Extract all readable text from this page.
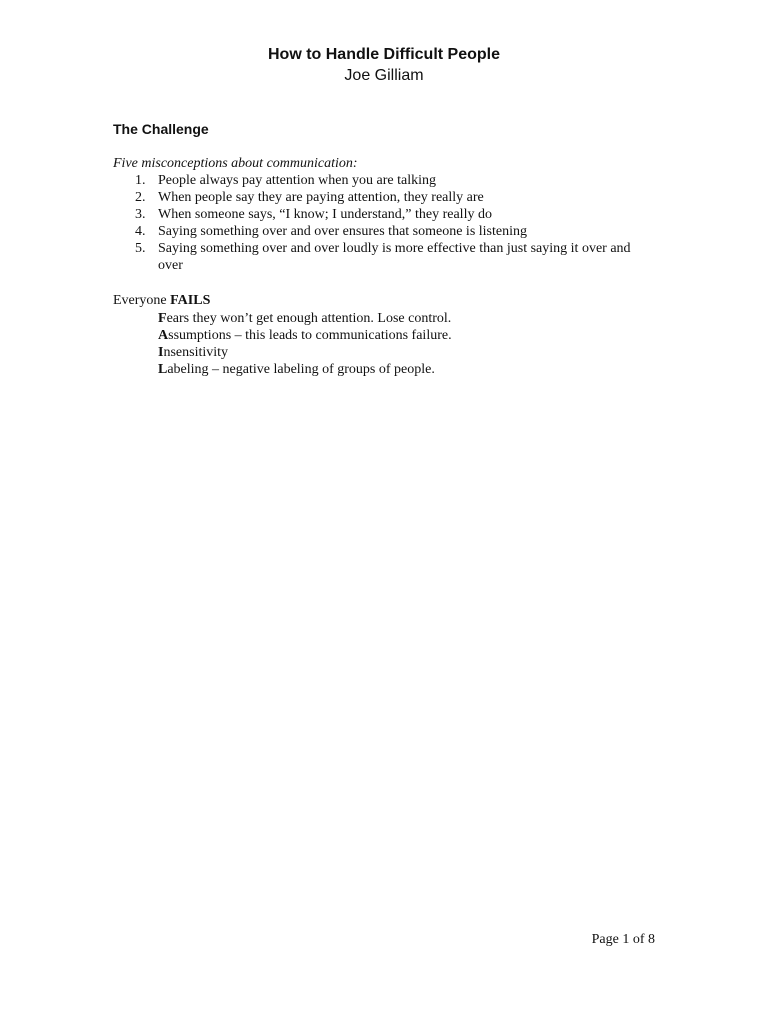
How to Handle Difficult People
Joe Gilliam
The Challenge
Five misconceptions about communication:
1. People always pay attention when you are talking
2. When people say they are paying attention, they really are
3. When someone says, “I know; I understand,” they really do
4. Saying something over and over ensures that someone is listening
5. Saying something over and over loudly is more effective than just saying it over and over
Everyone FAILS
Fears they won’t get enough attention. Lose control.
Assumptions – this leads to communications failure.
Insensitivity
Labeling – negative labeling of groups of people.
Page 1 of 8
